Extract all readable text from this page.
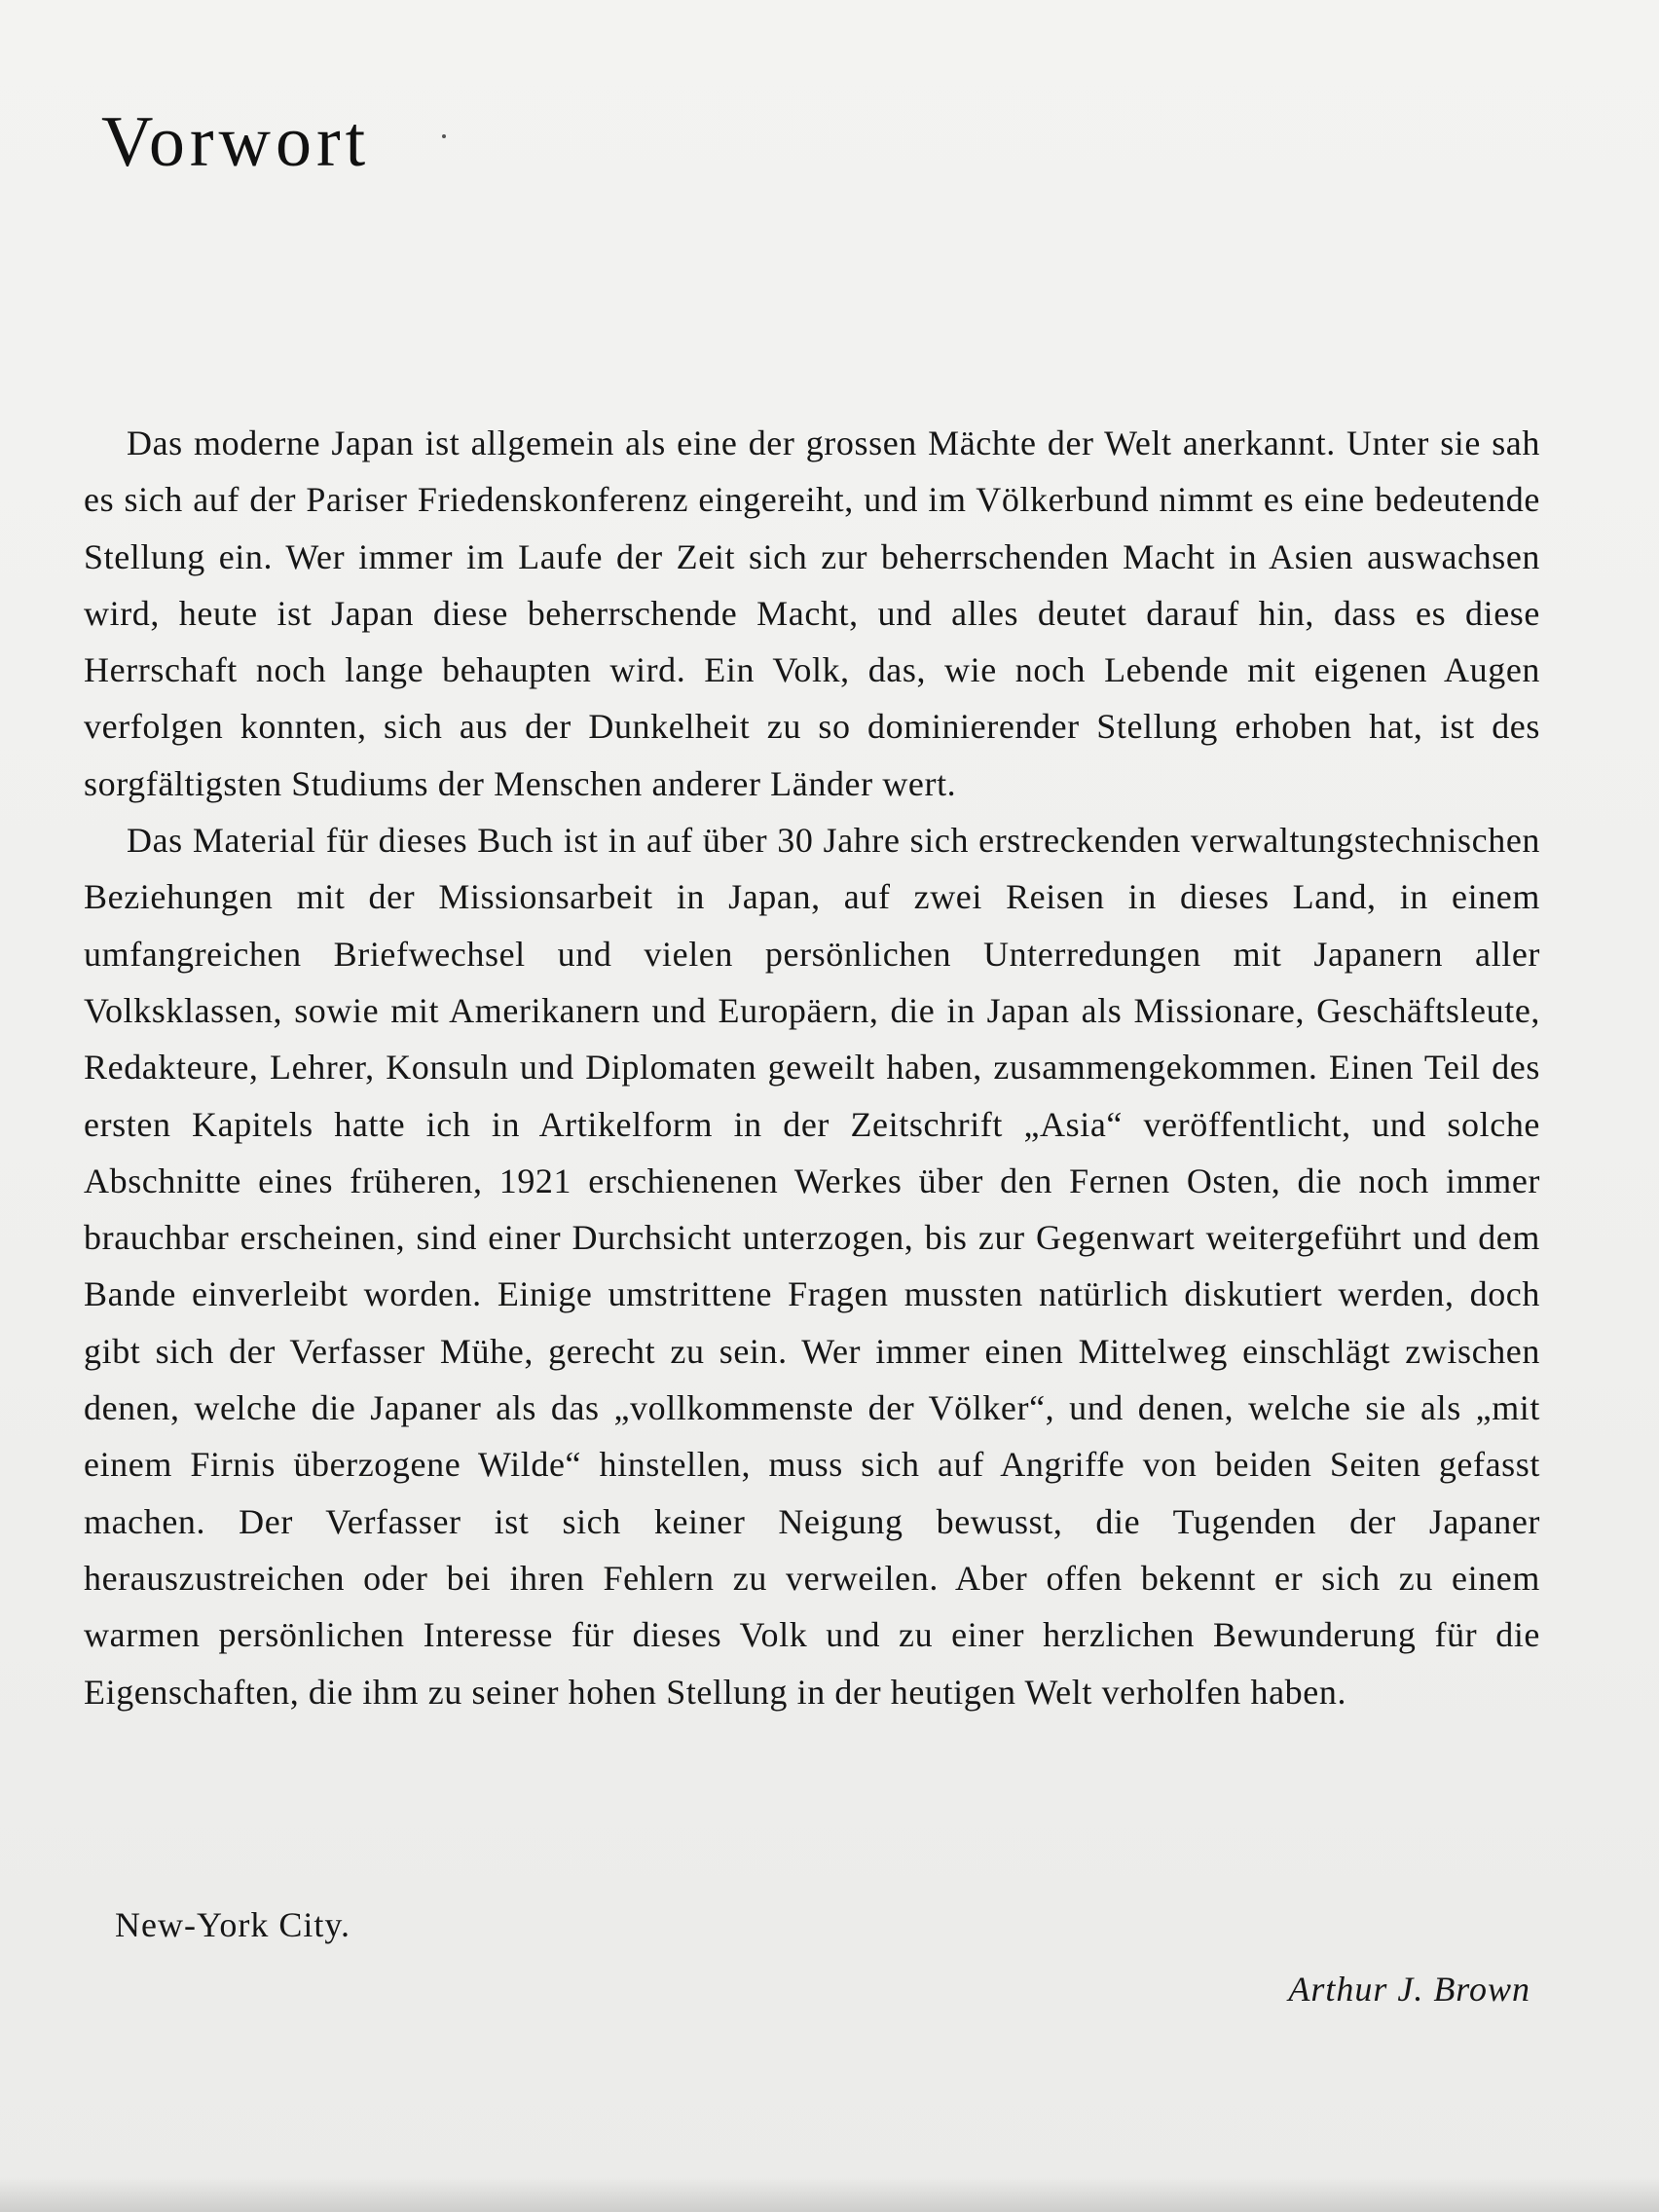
Vorwort

Das moderne Japan ist allgemein als eine der grossen Mächte der Welt anerkannt. Unter sie sah es sich auf der Pariser Friedenskonferenz eingereiht, und im Völkerbund nimmt es eine bedeutende Stellung ein. Wer immer im Laufe der Zeit sich zur beherrschenden Macht in Asien auswachsen wird, heute ist Japan diese beherrschende Macht, und alles deutet darauf hin, dass es diese Herrschaft noch lange behaupten wird. Ein Volk, das, wie noch Lebende mit eigenen Augen verfolgen konnten, sich aus der Dunkelheit zu so dominierender Stellung erhoben hat, ist des sorgfältigsten Studiums der Menschen anderer Länder wert.

Das Material für dieses Buch ist in auf über 30 Jahre sich erstreckenden verwaltungstechnischen Beziehungen mit der Missionsarbeit in Japan, auf zwei Reisen in dieses Land, in einem umfangreichen Briefwechsel und vielen persönlichen Unterredungen mit Japanern aller Volksklassen, sowie mit Amerikanern und Europäern, die in Japan als Missionare, Geschäftsleute, Redakteure, Lehrer, Konsuln und Diplomaten geweilt haben, zusammengekommen. Einen Teil des ersten Kapitels hatte ich in Artikelform in der Zeitschrift „Asia“ veröffentlicht, und solche Abschnitte eines früheren, 1921 erschienenen Werkes über den Fernen Osten, die noch immer brauchbar erscheinen, sind einer Durchsicht unterzogen, bis zur Gegenwart weitergeführt und dem Bande einverleibt worden. Einige umstrittene Fragen mussten natürlich diskutiert werden, doch gibt sich der Verfasser Mühe, gerecht zu sein. Wer immer einen Mittelweg einschlägt zwischen denen, welche die Japaner als das „vollkommenste der Völker“, und denen, welche sie als „mit einem Firnis überzogene Wilde“ hinstellen, muss sich auf Angriffe von beiden Seiten gefasst machen. Der Verfasser ist sich keiner Neigung bewusst, die Tugenden der Japaner herauszustreichen oder bei ihren Fehlern zu verweilen. Aber offen bekennt er sich zu einem warmen persönlichen Interesse für dieses Volk und zu einer herzlichen Bewunderung für die Eigenschaften, die ihm zu seiner hohen Stellung in der heutigen Welt verholfen haben.

New-York City.

Arthur J. Brown
